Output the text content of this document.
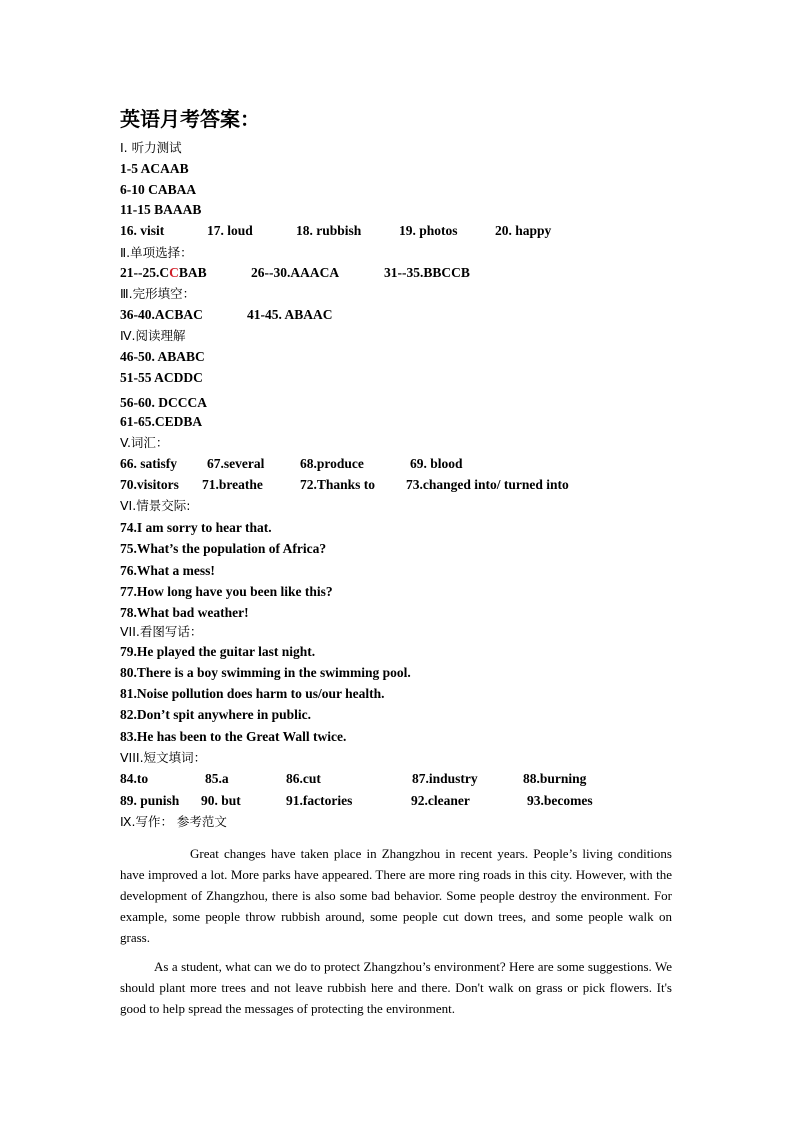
英语月考答案：
I. 听力测试
1-5 ACAAB
6-10 CABAA
11-15 BAAAB
16. visit	17. loud	18. rubbish	19. photos	20. happy
Ⅱ.单项选择：
21--25.CCBAB	26--30.AAACA	31--35.BBCCB
Ⅲ.完形填空：
36-40.ACBAC	41-45. ABAAC
Ⅳ.阅读理解
46-50. ABABC
51-55 ACDDC
56-60. DCCCA
61-65.CEDBA
V.词汇：
66. satisfy 67.several	68.produce	69. blood
70.visitors 71.breathe	72.Thanks to 73.changed into/ turned into
VI.情景交际:
74.I am sorry to hear that.
75.What’s the population of Africa?
76.What a mess!
77.How long have you been like this?
78.What bad weather!
VII.看图写话：
79.He played the guitar last night.
80.There is a boy swimming in the swimming pool.
81.Noise pollution does harm to us/our health.
82.Don’t spit anywhere in public.
83.He has been to the Great Wall twice.
VIII.短文填词：
84.to	85.a	86.cut	87.industry	88.burning
89. punish 90. but	91.factories	92.cleaner	93.becomes
Ⅸ.写作： 参考范文
Great changes have taken place in Zhangzhou in recent years. People’s living conditions have improved a lot. More parks have appeared. There are more ring roads in this city. However, with the development of Zhangzhou, there is also some bad behavior. Some people destroy the environment. For example, some people throw rubbish around, some people cut down trees, and some people walk on grass.
As a student, what can we do to protect Zhangzhou’s environment? Here are some suggestions. We should plant more trees and not leave rubbish here and there. Don't walk on grass or pick flowers. It's good to help spread the messages of protecting the environment.
